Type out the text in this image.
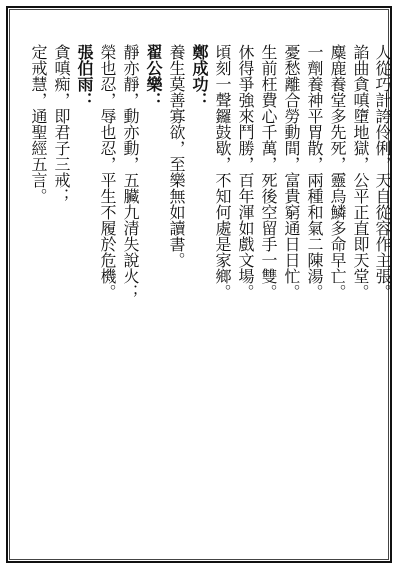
人從巧計誇伶俐，天自從容作主張。
諂曲貪嗔墮地獄，公平正直即天堂。
麋鹿養堂多先死，靈烏鱗多命早亡。
一劑養神平胃散，兩種和氣二陳湯。
憂愁離合勞動間，富貴窮通日日忙。
生前枉費心千萬，死後空留手一雙。
休得爭強來鬥勝，百年渾如戲文場。
頃刻一聲鑼鼓歇，不知何處是家鄉。
鄭成功：
養生莫善寡欲，至樂無如讀書。
翟公樂：
靜亦靜，動亦動，五臟九清失說火；
榮也忍，辱也忍，平生不履於危機。
張伯雨：
貪嗔痴，即君子三戒；
定戒慧，通聖經五言。
